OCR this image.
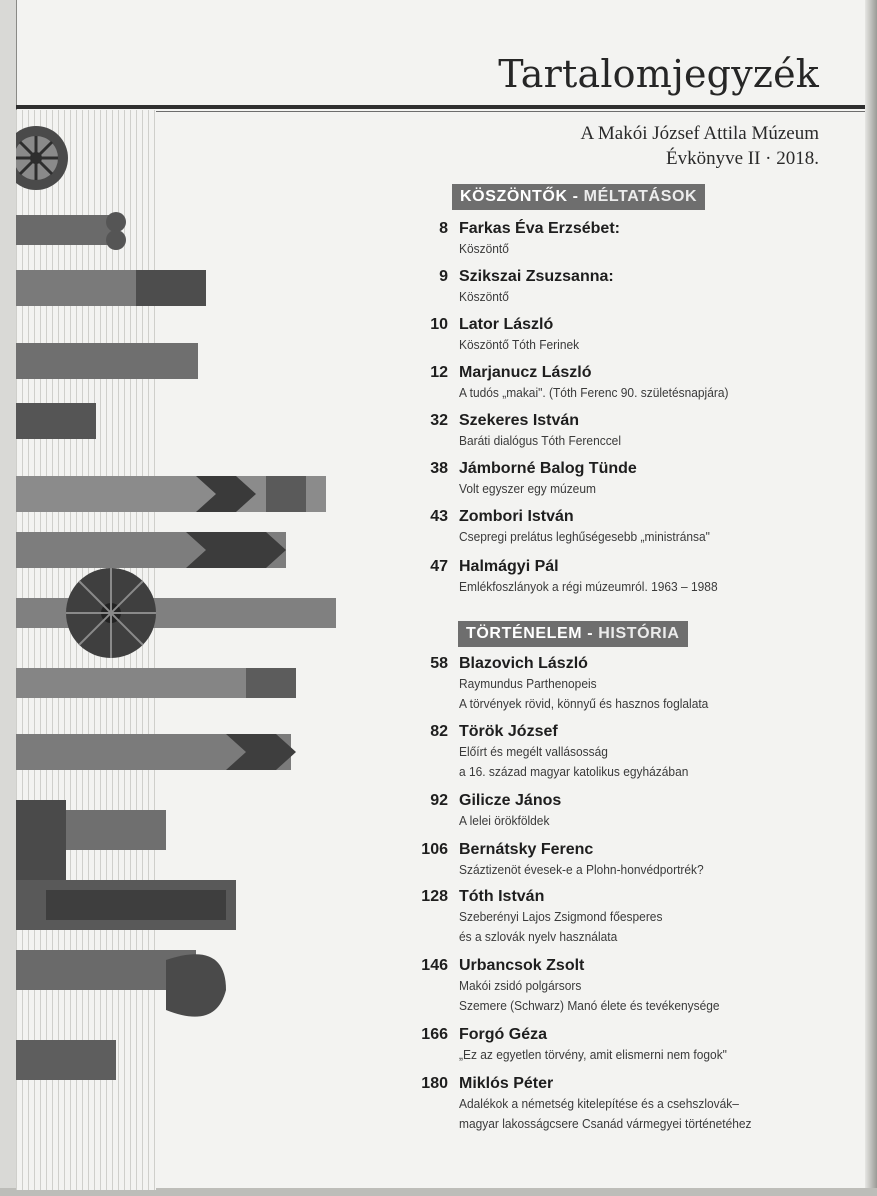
Tartalomjegyzék
A Makói József Attila Múzeum
Évkönyve II · 2018.
KÖSZÖNTŐK - MÉLTATÁSOK
8 Farkas Éva Erzsébet:
Köszöntő
9 Szikszai Zsuzsanna:
Köszöntő
10 Lator László
Köszöntő Tóth Ferinek
12 Marjanucz László
A tudós „makai". (Tóth Ferenc 90. születésnapjára)
32 Szekeres István
Baráti dialógus Tóth Ferenccel
38 Jámborné Balog Tünde
Volt egyszer egy múzeum
43 Zombori István
Csepregi prelátus leghűségesebb „ministránsa"
47 Halmágyi Pál
Emlékfoszlányok a régi múzeumról. 1963 – 1988
TÖRTÉNELEM - HISTÓRIA
58 Blazovich László
Raymundus Parthenopeis
A törvények rövid, könnyű és hasznos foglalata
82 Török József
Előírt és megélt vallásosság
a 16. század magyar katolikus egyházában
92 Gilicze János
A lelei örökföldek
106 Bernátsky Ferenc
Száztizenöt évesek-e a Plohn-honvédportrék?
128 Tóth István
Szeberényi Lajos Zsigmond főesperes
és a szlovák nyelv használata
146 Urbancsok Zsolt
Makói zsidó polgársors
Szemere (Schwarz) Manó élete és tevékenysége
166 Forgó Géza
„Ez az egyetlen törvény, amit elismerni nem fogok"
180 Miklós Péter
Adalékok a németség kitelepítése és a csehszlovák–
magyar lakosságcsere Csanád vármegyei történetéhez
